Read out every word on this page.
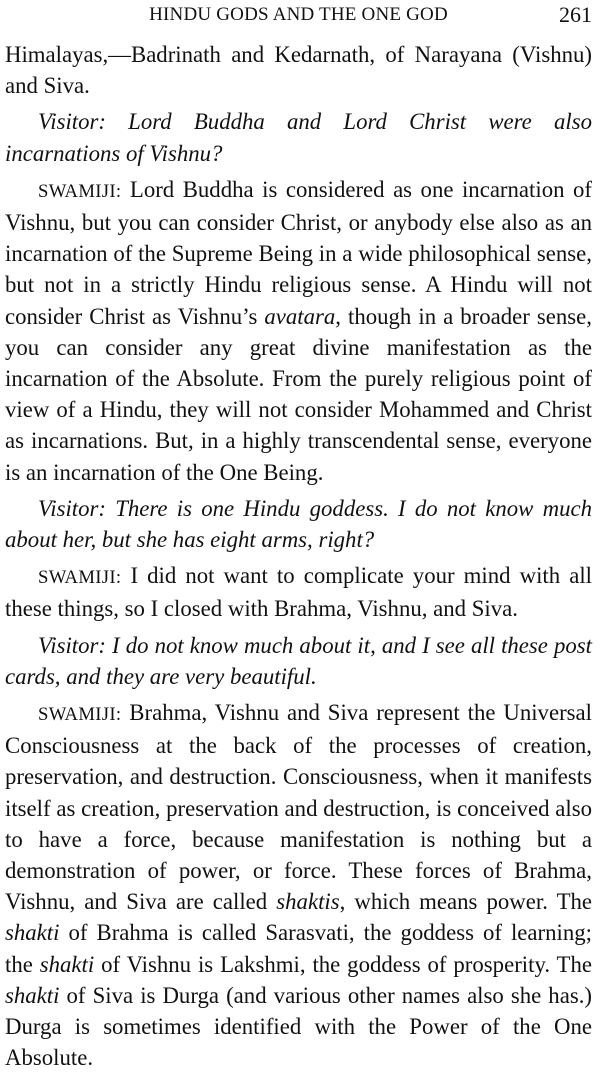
HINDU GODS AND THE ONE GOD	261

Himalayas,—Badrinath and Kedarnath, of Narayana (Vishnu) and Siva.

Visitor: Lord Buddha and Lord Christ were also incarnations of Vishnu?

SWAMIJI: Lord Buddha is considered as one incarnation of Vishnu, but you can consider Christ, or anybody else also as an incarnation of the Supreme Being in a wide philosophical sense, but not in a strictly Hindu religious sense. A Hindu will not consider Christ as Vishnu’s avatara, though in a broader sense, you can consider any great divine manifestation as the incarnation of the Absolute. From the purely religious point of view of a Hindu, they will not consider Mohammed and Christ as incarnations. But, in a highly transcendental sense, everyone is an incarnation of the One Being.

Visitor: There is one Hindu goddess. I do not know much about her, but she has eight arms, right?

SWAMIJI: I did not want to complicate your mind with all these things, so I closed with Brahma, Vishnu, and Siva.

Visitor: I do not know much about it, and I see all these post cards, and they are very beautiful.

SWAMIJI: Brahma, Vishnu and Siva represent the Universal Consciousness at the back of the processes of creation, preservation, and destruction. Consciousness, when it manifests itself as creation, preservation and destruction, is conceived also to have a force, because manifestation is nothing but a demonstration of power, or force. These forces of Brahma, Vishnu, and Siva are called shaktis, which means power. The shakti of Brahma is called Sarasvati, the goddess of learning; the shakti of Vishnu is Lakshmi, the goddess of prosperity. The shakti of Siva is Durga (and various other names also she has.) Durga is sometimes identified with the Power of the One Absolute.
